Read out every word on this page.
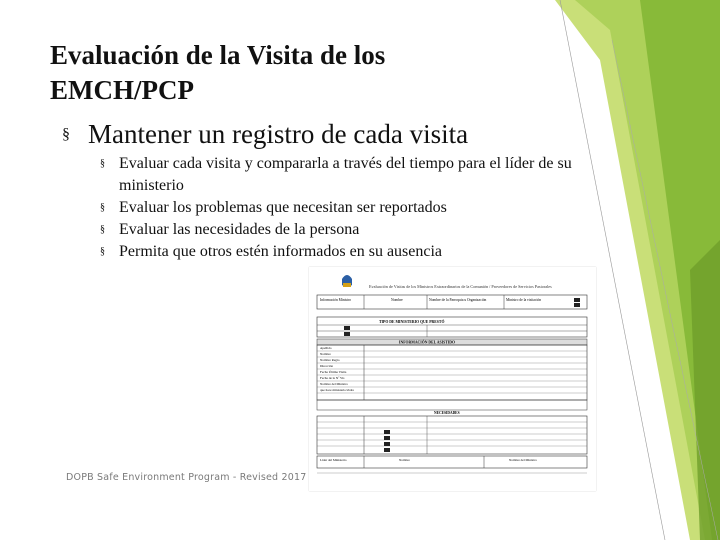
Evaluación de la Visita de los
EMCH/PCP
§ Mantener un registro de cada visita
§ Evaluar cada visita y compararla a través del tiempo para el líder de su ministerio
§ Evaluar los problemas que necesitan ser reportados
§ Evaluar las necesidades de la persona
§ Permita que otros estén informados en su ausencia
Evaluación de Visitas de los Ministros Extraordinarios de la Comunión / Proveedores de Servicios Pastorales
Información Ministro	Nombre	Nombre de la Parroquia u Organización	Ministro de la visitación
TIPO DE MINISTERIO QUE PRESTÓ
INFORMACIÓN DEL ASISTIDO
Apellido
Nombre
Nombre Regio
Dirección
Fecha Última Visita
Fecha de la Nº Vis
Nombre del Ministro
que hace ministerio/visita
NECESIDADES
Líder del Ministerio	Nombre	Nombre del Ministro
DOPB Safe Environment Program - Revised 2017
